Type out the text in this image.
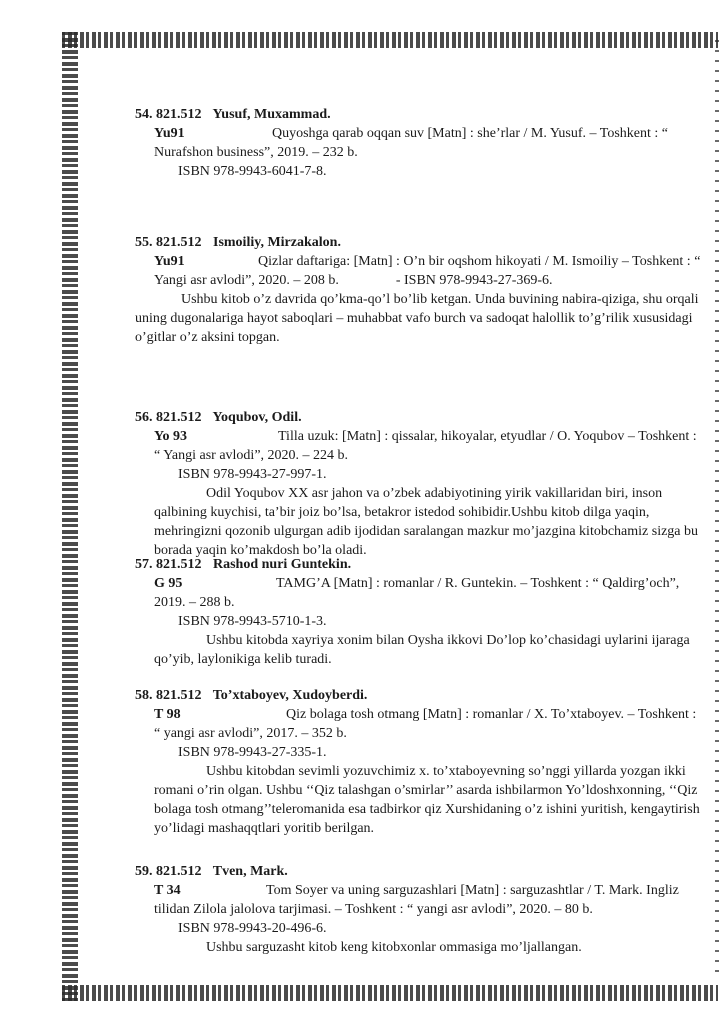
54. 821.512 Yusuf, Muxammad.
Yu91	Quyoshga qarab oqqan suv [Matn] : she’rlar / M. Yusuf. – Toshkent : “
Nurafshon business”, 2019. – 232 b.
ISBN 978-9943-6041-7-8.
55. 821.512 Ismoiliy, Mirzakalon.
Yu91	Qizlar daftariga: [Matn] : O’n bir oqshom hikoyati / M. Ismoiliy – Toshkent : “
Yangi asr avlodi”, 2020. – 208 b.	- ISBN 978-9943-27-369-6.
Ushbu kitob o’z davrida qo’kma-qo’l bo’lib ketgan. Unda buvining nabira-qiziga, shu orqali uning dugonalariga hayot saboqlari – muhabbat vafo burch va sadoqat halollik to’g’rilik xususidagi o’gitlar o’z aksini topgan.
56. 821.512 Yoqubov, Odil.
Yo 93	Tilla uzuk: [Matn] : qissalar, hikoyalar, etyudlar / O. Yoqubov – Toshkent :
“ Yangi asr avlodi”, 2020. – 224 b.
ISBN 978-9943-27-997-1.
Odil Yoqubov XX asr jahon va o’zbek adabiyotining yirik vakillaridan biri, inson qalbining kuychisi, ta’bir joiz bo’lsa, betakror istedod sohibidir.Ushbu kitob dilga yaqin, mehringizni qozonib ulgurgan adib ijodidan saralangan mazkur mo’jazgina kitobchamiz sizga bu borada yaqin ko’makdosh bo’la oladi.
57. 821.512 Rashod nuri Guntekin.
G 95	TAMG’A [Matn] : romanlar / R. Guntekin. – Toshkent : “ Qaldirg’och”,
2019. – 288 b.
ISBN 978-9943-5710-1-3.
Ushbu kitobda xayriya xonim bilan Oysha ikkovi Do’lop ko’chasidagi uylarini ijaraga qo’yib, laylonikiga kelib turadi.
58. 821.512 To’xtaboyev, Xudoyberdi.
T 98	Qiz bolaga tosh otmang [Matn] : romanlar / X. To’xtaboyev. – Toshkent :
“ yangi asr avlodi”, 2017. – 352 b.
ISBN 978-9943-27-335-1.
Ushbu kitobdan sevimli yozuvchimiz x. to’xtaboyevning so’nggi yillarda yozgan ikki romani o’rin olgan. Ushbu ‘‘Qiz talashgan o’smirlar’’ asarda ishbilarmon Yo’ldoshxonning, ‘‘Qiz bolaga tosh otmang’’teleromanida esa tadbirkor qiz Xurshidaning o’z ishini yuritish, kengaytirish yo’lidagi mashaqqtlari yoritib berilgan.
59. 821.512 Tven, Mark.
T 34	Tom Soyer va uning sarguzashlari [Matn] : sarguzashtlar / T. Mark. Ingliz
tilidan Zilola jalolova tarjimasi. – Toshkent : “ yangi asr avlodi”, 2020. – 80 b.
ISBN 978-9943-20-496-6.
Ushbu sarguzasht kitob keng kitobxonlar ommasiga mo’ljallangan.
